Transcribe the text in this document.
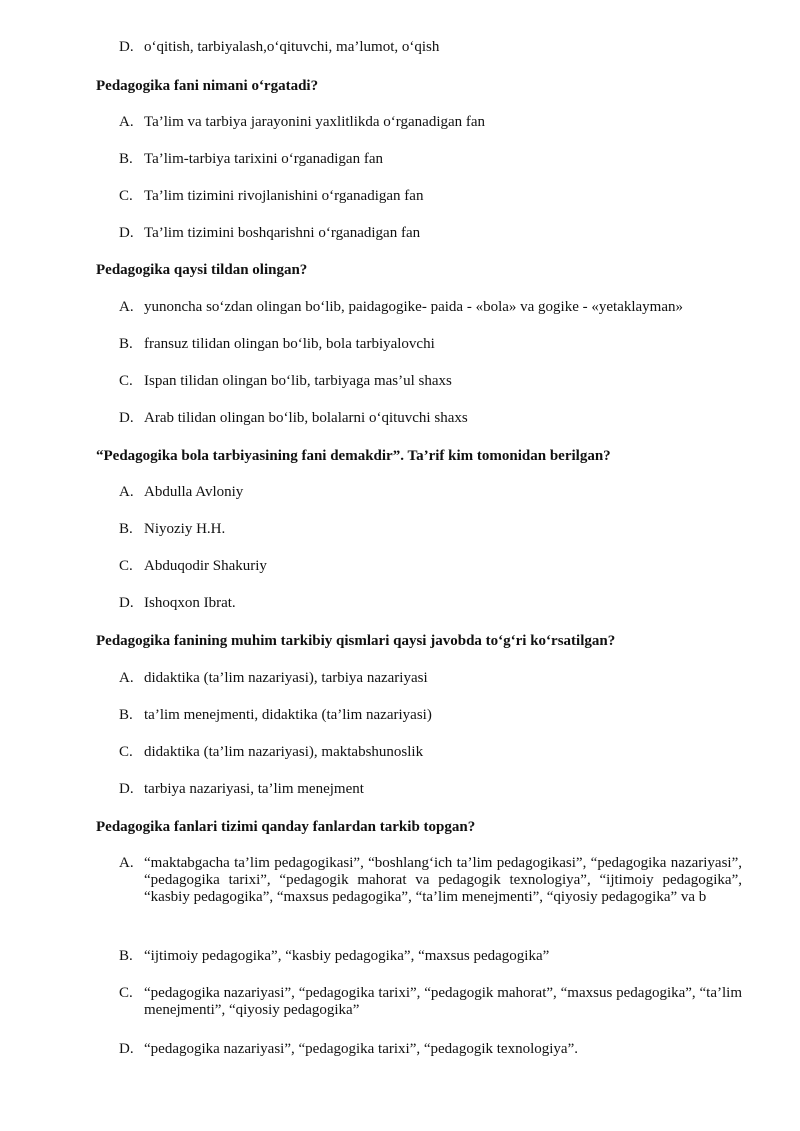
D. o‘qitish, tarbiyalash,o‘qituvchi, ma’lumot, o‘qish
Pedagogika fani nimani o‘rgatadi?
A. Ta’lim va tarbiya jarayonini yaxlitlikda o‘rganadigan fan
B. Ta’lim-tarbiya tarixini o‘rganadigan fan
C. Ta’lim tizimini rivojlanishini o‘rganadigan fan
D. Ta’lim tizimini boshqarishni o‘rganadigan fan
Pedagogika qaysi tildan olingan?
A. yunoncha so‘zdan olingan bo‘lib, paidagogike- paida - «bola» va gogike - «yetaklayman»
B. fransuz tilidan olingan bo‘lib, bola tarbiyalovchi
C. Ispan tilidan olingan bo‘lib, tarbiyaga mas’ul shaxs
D. Arab tilidan olingan bo‘lib, bolalarni o‘qituvchi shaxs
“Pedagogika bola tarbiyasining fani demakdir”. Ta’rif kim tomonidan berilgan?
A. Abdulla Avloniy
B. Niyoziy H.H.
C. Abduqodir Shakuriy
D. Ishoqxon Ibrat.
Pedagogika fanining muhim tarkibiy qismlari qaysi javobda to‘g‘ri ko‘rsatilgan?
A. didaktika (ta’lim nazariyasi), tarbiya nazariyasi
B. ta’lim menejmenti, didaktika (ta’lim nazariyasi)
C. didaktika (ta’lim nazariyasi), maktabshunoslik
D. tarbiya nazariyasi, ta’lim menejment
Pedagogika fanlari tizimi qanday fanlardan tarkib topgan?
A. “maktabgacha ta’lim pedagogikasi”, “boshlang‘ich ta’lim pedagogikasi”, “pedagogika nazariyasi”, “pedagogika tarixi”, “pedagogik mahorat va pedagogik texnologiya”, “ijtimoiy pedagogika”, “kasbiy pedagogika”, “maxsus pedagogika”, “ta’lim menejmenti”, “qiyosiy pedagogika” va b
B. “ijtimoiy pedagogika”, “kasbiy pedagogika”, “maxsus pedagogika”
C. “pedagogika nazariyasi”, “pedagogika tarixi”, “pedagogik mahorat”, “maxsus pedagogika”, “ta’lim menejmenti”, “qiyosiy pedagogika”
D. “pedagogika nazariyasi”, “pedagogika tarixi”, “pedagogik texnologiya”.
